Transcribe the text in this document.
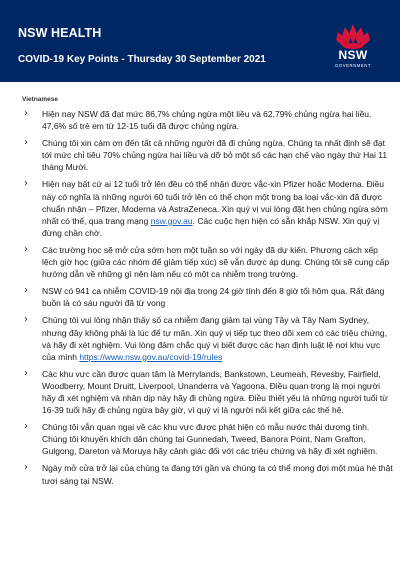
NSW HEALTH
COVID-19 Key Points - Thursday 30 September 2021	NSW
GOVERNMENT
Vietnamese
› Hiện nay NSW đã đạt mức 86,7% chủng ngừa một liều và 62,79% chủng ngừa hai liều. 47,6% số trẻ em từ 12-15 tuổi đã được chủng ngừa.
› Chúng tôi xin cảm ơn đến tất cả những người đã đi chủng ngừa. Chúng ta nhất định sẽ đạt tới mức chỉ tiêu 70% chủng ngừa hai liều và dỡ bỏ một số các hạn chế vào ngày thứ Hai 11 tháng Mười.
› Hiện nay bất cứ ai 12 tuổi trở lên đều có thể nhận được vắc-xin Pfizer hoặc Moderna. Điều này có nghĩa là những người 60 tuổi trở lên có thể chọn một trong ba loại vắc-xin đã được chuẩn nhận – Pfizer, Moderna và AstraZeneca. Xin quý vị vui lòng đặt hẹn chủng ngừa sớm nhất có thể, qua trang mạng nsw.gov.au. Các cuộc hẹn hiện có sẵn khắp NSW. Xin quý vị đừng chần chờ.
› Các trường học sẽ mở cửa sớm hơn một tuần so với ngày đã dự kiến. Phương cách xếp lệch giờ học (giữa các nhóm để giảm tiếp xúc) sẽ vẫn được áp dụng. Chúng tôi sẽ cung cấp hướng dẫn về những gì nên làm nếu có một ca nhiễm trong trường.
› NSW có 941 ca nhiễm COVID-19 nội địa trong 24 giờ tính đến 8 giờ tối hôm qua. Rất đáng buồn là có sáu người đã từ vong
› Chúng tôi vui lòng nhận thấy số ca nhiễm đang giảm tại vùng Tây và Tây Nam Sydney, nhưng đây không phải là lúc để tự mãn. Xin quý vị tiếp tục theo dõi xem có các triệu chứng, và hãy đi xét nghiệm. Vui lòng đảm chắc quý vị biết được các hạn định luật lệ nơi khu vực của mình https://www.nsw.gov.au/covid-19/rules
› Các khu vực cần được quan tâm là Merrylands, Bankstown, Leumeah, Revesby, Fairfield, Woodberry, Mount Druitt, Liverpool, Unanderra và Yagoona. Điều quan trọng là mọi người hãy đi xét nghiệm và nhân dịp này hãy đi chủng ngừa. Điều thiết yếu là những người tuổi từ 16-39 tuổi hãy đi chủng ngừa bây giờ, vì quý vị là người nối kết giữa các thế hệ.
› Chúng tôi vẫn quan ngại về các khu vực được phát hiện có mẫu nước thải dương tính. Chúng tôi khuyến khích dân chúng tại Gunnedah, Tweed, Banora Point, Nam Grafton, Gulgong, Dareton và Moruya hãy cảnh giác đối với các triệu chứng và hãy đi xét nghiệm.
› Ngày mở cửa trở lại của chúng ta đang tới gần và chúng ta có thể mong đợi một mùa hè thật tươi sáng tại NSW.
